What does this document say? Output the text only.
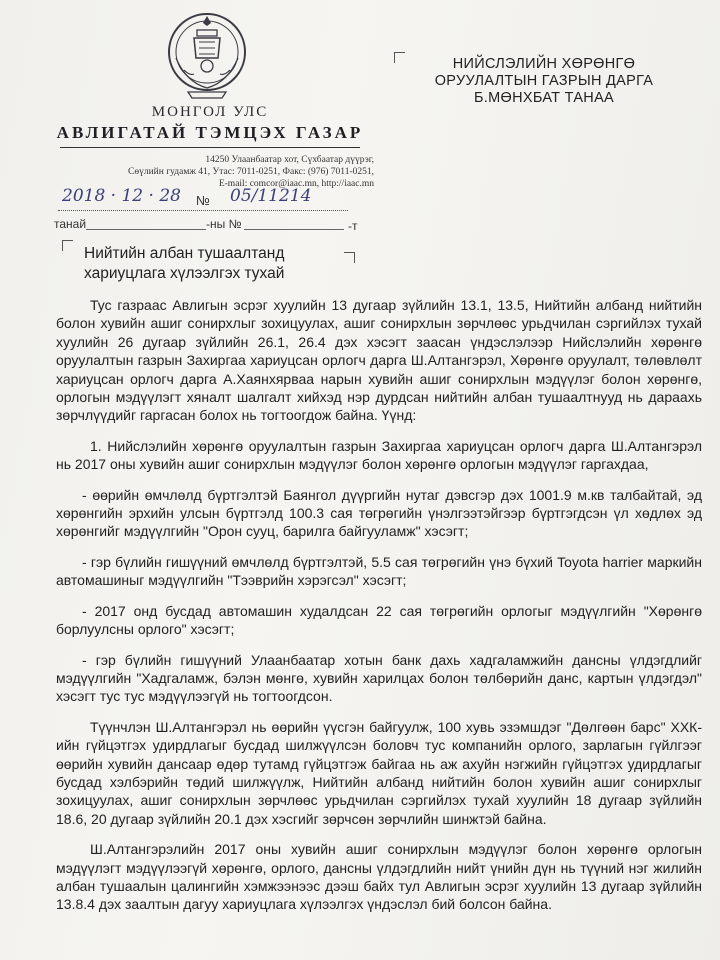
МОНГОЛ УЛС
АВЛИГАТАЙ ТЭМЦЭХ ГАЗАР
14250 Улаанбаатар хот, Сүхбаатар дүүрэг,
Сөүлийн гудамж 41, Утас: 7011-0251, Факс: (976) 7011-0251,
E-mail: comcor@iaac.mn, http://iaac.mn
НИЙСЛЭЛИЙН ХӨРӨНГӨ
ОРУУЛАЛТЫН ГАЗРЫН ДАРГА
Б.МӨНХБАТ ТАНАА
2018 · 12 · 28 № 05/11214
танай	-ны №	-т
Нийтийн албан тушаалтанд
хариуцлага хүлээлгэх тухай

Тус газраас Авлигын эсрэг хуулийн 13 дугаар зүйлийн 13.1, 13.5, Нийтийн албанд нийтийн болон хувийн ашиг сонирхлыг зохицуулах, ашиг сонирхлын зөрчлөөс урьдчилан сэргийлэх тухай хуулийн 26 дугаар зүйлийн 26.1, 26.4 дэх хэсэгт заасан үндэслэлээр Нийслэлийн хөрөнгө оруулалтын газрын Захиргаа хариуцсан орлогч дарга Ш.Алтангэрэл, Хөрөнгө оруулалт, төлөвлөлт хариуцсан орлогч дарга А.Хаянхярваа нарын хувийн ашиг сонирхлын мэдүүлэг болон хөрөнгө, орлогын мэдүүлэгт хяналт шалгалт хийхэд нэр дурдсан нийтийн албан тушаалтнууд нь дараахь зөрчлүүдийг гаргасан болох нь тогтоогдож байна. Үүнд:

1. Нийслэлийн хөрөнгө оруулалтын газрын Захиргаа хариуцсан орлогч дарга Ш.Алтангэрэл нь 2017 оны хувийн ашиг сонирхлын мэдүүлэг болон хөрөнгө орлогын мэдүүлэг гаргахдаа,

- өөрийн өмчлөлд бүртгэлтэй Баянгол дүүргийн нутаг дэвсгэр дэх 1001.9 м.кв талбайтай, эд хөрөнгийн эрхийн улсын бүртгэлд 100.3 сая төгрөгийн үнэлгээтэйгээр бүртгэгдсэн үл хөдлөх эд хөрөнгийг мэдүүлгийн "Орон сууц, барилга байгууламж" хэсэгт;

- гэр бүлийн гишүүний өмчлөлд бүртгэлтэй, 5.5 сая төгрөгийн үнэ бүхий Toyota harrier маркийн автомашиныг мэдүүлгийн "Тээврийн хэрэгсэл" хэсэгт;

- 2017 онд бусдад автомашин худалдсан 22 сая төгрөгийн орлогыг мэдүүлгийн "Хөрөнгө борлуулсны орлого" хэсэгт;

- гэр бүлийн гишүүний Улаанбаатар хотын банк дахь хадгаламжийн дансны үлдэгдлийг мэдүүлгийн "Хадгаламж, бэлэн мөнгө, хувийн харилцах болон төлбөрийн данс, картын үлдэгдэл" хэсэгт тус тус мэдүүлээгүй нь тогтоогдсон.

Түүнчлэн Ш.Алтангэрэл нь өөрийн үүсгэн байгуулж, 100 хувь эзэмшдэг "Дөлгөөн барс" ХХК-ийн гүйцэтгэх удирдлагыг бусдад шилжүүлсэн боловч тус компанийн орлого, зарлагын гүйлгээг өөрийн хувийн дансаар өдөр тутамд гүйцэтгэж байгаа нь аж ахуйн нэгжийн гүйцэтгэх удирдлагыг бусдад хэлбэрийн төдий шилжүүлж, Нийтийн албанд нийтийн болон хувийн ашиг сонирхлыг зохицуулах, ашиг сонирхлын зөрчлөөс урьдчилан сэргийлэх тухай хуулийн 18 дугаар зүйлийн 18.6, 20 дугаар зүйлийн 20.1 дэх хэсгийг зөрчсөн зөрчлийн шинжтэй байна.

Ш.Алтангэрэлийн 2017 оны хувийн ашиг сонирхлын мэдүүлэг болон хөрөнгө орлогын мэдүүлэгт мэдүүлээгүй хөрөнгө, орлого, дансны үлдэгдлийн нийт үнийн дүн нь түүний нэг жилийн албан тушаалын цалингийн хэмжээнээс дээш байх тул Авлигын эсрэг хуулийн 13 дугаар зүйлийн 13.8.4 дэх заалтын дагуу хариуцлага хүлээлгэх үндэслэл бий болсон байна.
